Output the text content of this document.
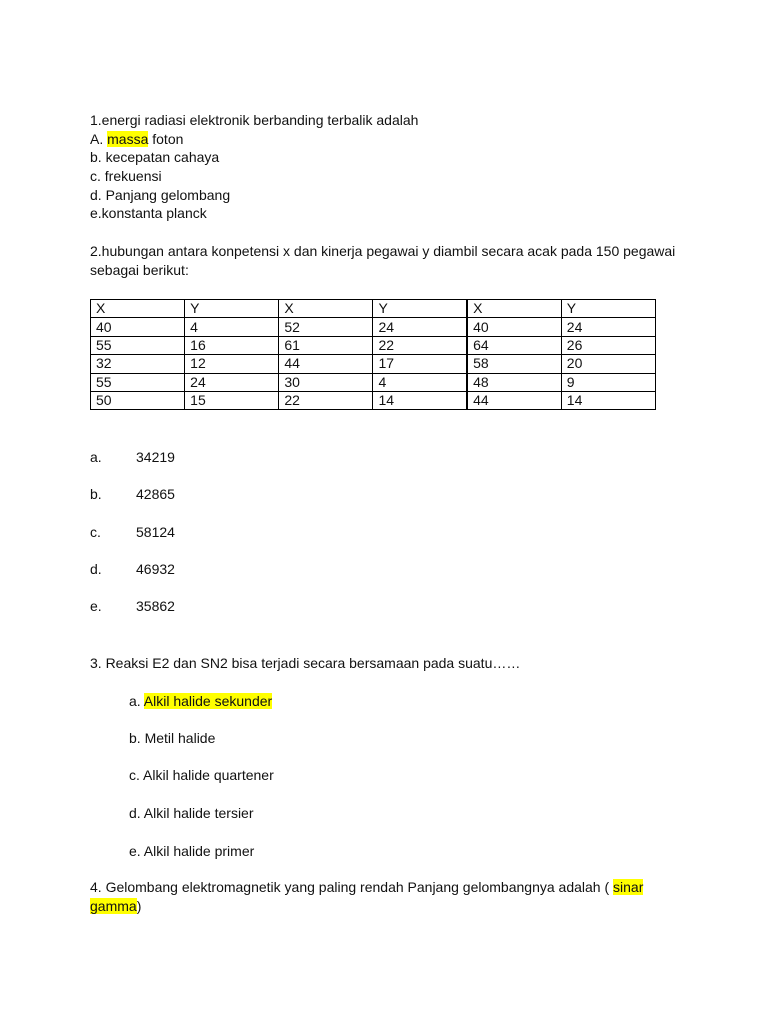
1.energi radiasi elektronik berbanding terbalik adalah
A. massa foton
b. kecepatan cahaya
c. frekuensi
d. Panjang gelombang
e.konstanta planck
2.hubungan antara konpetensi x dan kinerja pegawai y diambil secara acak pada 150 pegawai
sebagai berikut:
X	Y	X	Y	X	Y
40	4	52	24	40	24
55	16	61	22	64	26
32	12	44	17	58	20
55	24	30	4	48	9
50	15	22	14	44	14
a. 34219
b. 42865
c.	58124
d. 46932
e. 35862
3. Reaksi E2 dan SN2 bisa terjadi secara bersamaan pada suatu……
a. Alkil halide sekunder
b. Metil halide
c. Alkil halide quartener
d. Alkil halide tersier
e. Alkil halide primer
4. Gelombang elektromagnetik yang paling rendah Panjang gelombangnya adalah ( sinar
gamma)
